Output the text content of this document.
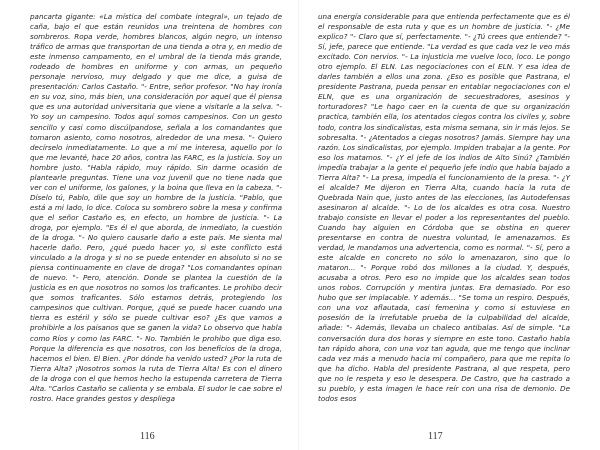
pancarta gigante: «La mística del combate integral», un tejado de caña, bajo el que están reunidos una treintena de hombres con sombreros. Ropa verde, hombres blancos, algún negro, un intenso tráfico de armas que transportan de una tienda a otra y, en medio de este inmenso campamento, en el umbral de la tienda más grande, rodeado de hombres en uniforme y con armas, un pequeño personaje nervioso, muy delgado y que me dice, a guisa de presentación: Carlos Castaño. "- Entre, señor profesor. "No hay ironía en su voz, sino, más bien, una consideración por aquel que él piensa que es una autoridad universitaria que viene a visitarle a la selva. "- Yo soy un campesino. Todos aquí somos campesinos. Con un gesto sencillo y casi como discúlpandose, señala a los comandantes que tomaron asiento, como nosotros, alrededor de una mesa. "- Quiero decírselo inmediatamente. Lo que a mí me interesa, aquello por lo que me levanté, hace 20 años, contra las FARC, es la justicia. Soy un hombre justo. "Habla rápido, muy rápido. Sin darme ocasión de plantearle preguntas. Tiene una voz juvenil que no tiene nada que ver con el uniforme, los galones, y la boina que lleva en la cabeza. "- Díselo tú, Pablo, dile que soy un hombre de la justicia. "Pablo, que está a mi lado, lo dice. Coloca su sombrero sobre la mesa y confirma que el señor Castaño es, en efecto, un hombre de justicia. "- La droga, por ejemplo. "Es él el que aborda, de inmediato, la cuestión de la droga. "- No quiero causarle daño a este país. Me sienta mal hacerle daño. Pero, ¿qué puedo hacer yo, si este conflicto está vinculado a la droga y si no se puede entender en absoluto si no se piensa continuamente en clave de droga? "Los comandantes opinan de nuevo. "- Pero, atención. Donde se plantea la cuestión de la justicia es en que nosotros no somos los traficantes. Le prohibo decir que somos traficantes. Sólo estamos detrás, protegiendo los campesinos que cultivan. Porque, ¿qué se puede hacer cuando una tierra es estéril y sólo se puede cultivar eso? ¿Es que vamos a prohibirle a los paisanos que se ganen la vida? Lo observo que habla como Ríos y como las FARC. "- No. También le prohibo que diga eso. Porque la diferencia es que nosotros, con los beneficios de la droga, hacemos el bien. El Bien. ¿Por dónde ha venido usted? ¿Por la ruta de Tierra Alta? ¡Nosotros somos la ruta de Tierra Alta! Es con el dinero de la droga con el que hemos hecho la estupenda carretera de Tierra Alta. "Carlos Castaño se calienta y se embala. El sudor le cae sobre el rostro. Hace grandes gestos y despliega
116
una energía considerable para que entienda perfectamente que es él el responsable de esta ruta y que es un hombre de justicia. "- ¿Me explico? "- Claro que sí, perfectamente. "- ¿Tú crees que entiende? "- Sí, jefe, parece que entiende. "La verdad es que cada vez le veo más excitado. Con nervios. "- La injusticia me vuelve loco, loco. Le pongo otro ejemplo. El ELN. Las negociaciones con el ELN. Y esa idea de darles también a ellos una zona. ¿Eso es posible que Pastrana, el presidente Pastrana, pueda pensar en entablar negociaciones con el ELN, que es una organización de secuestradores, asesinos y torturadores? "Le hago caer en la cuenta de que su organización practica, también ella, los atentados ciegos contra los civiles y, sobre todo, contra los sindicalistas, esta misma semana, sin ir más lejos. Se sobresalta. "- ¿Atentados a ciegas nosotros? Jamás. Siempre hay una razón. Los sindicalistas, por ejemplo. Impiden trabajar a la gente. Por eso los matamos. "- ¿Y el jefe de los indios de Alto Sinú? ¿También impedía trabajar a la gente el pequeño jefe indio que había bajado a Tierra Alta? "- La presa, impedía el funcionamiento de la presa. "- ¿Y el alcalde? Me dijeron en Tierra Alta, cuando hacía la ruta de Quebrada Nain que, justo antes de las elecciones, las Autodefensas asesinaron al alcalde. "- Lo de los alcaldes es otra cosa. Nuestro trabajo consiste en llevar el poder a los representantes del pueblo. Cuando hay alguien en Córdoba que se obstina en querer presentarse en contra de nuestra voluntad, le amenazamos. Es verdad, le mandamos una advertencia, como es normal. "- Sí, pero a este alcalde en concreto no sólo lo amenazaron, sino que lo mataron... "- Porque robó dos millones a la ciudad. Y, después, acusaba a otros. Pero eso no impide que los alcaldes sean todos unos robos. Corrupción y mentira juntas. Era demasiado. Por eso hubo que ser implacable. Y además... "Se toma un respiro. Después, con una voz aflautada, casi femenina y como si estuviese en posesión de la irrefutable prueba de la culpabilidad del alcalde, añade: "- Además, llevaba un chaleco antibalas. Así de simple. "La conversación dura dos horas y siempre en este tono. Castaño habla tan rápido ahora, con una voz tan aguda, que me tengo que inclinar cada vez más a menudo hacia mi compañero, para que me repita lo que ha dicho. Habla del presidente Pastrana, al que respeta, pero que no le respeta y eso le desespera. De Castro, que ha castrado a su pueblo, y esta imagen le hace reír con una risa de demonio. De todos esos
117
